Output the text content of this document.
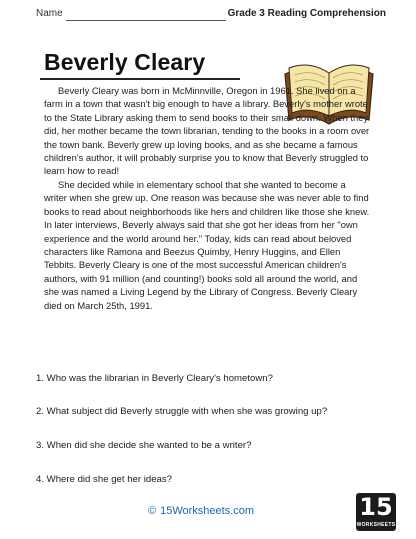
Name	Grade 3 Reading Comprehension
Beverly Cleary

Beverly Cleary was born in McMinnville, Oregon in 1961. She lived on a farm in a town that wasn't big enough to have a library. Beverly's mother wrote to the State Library asking them to send books to their small down. When they did, her mother became the town librarian, tending to the books in a room over the town bank. Beverly grew up loving books, and as she became a famous children's author, it will probably surprise you to know that Beverly struggled to learn how to read!

She decided while in elementary school that she wanted to become a writer when she grew up. One reason was because she was never able to find books to read about neighborhoods like hers and children like those she knew. In later interviews, Beverly always said that she got her ideas from her "own experience and the world around her." Today, kids can read about beloved characters like Ramona and Beezus Quimby, Henry Huggins, and Ellen Tebbits. Beverly Cleary is one of the most successful American children's authors, with 91 million (and counting!) books sold all around the world, and she was named a Living Legend by the Library of Congress. Beverly Cleary died on March 25th, 1991.

1. Who was the librarian in Beverly Cleary's hometown?

2. What subject did Beverly struggle with when she was growing up?

3. When did she decide she wanted to be a writer?

4. Where did she get her ideas?

© 15Worksheets.com	15
WORKSHEETS
